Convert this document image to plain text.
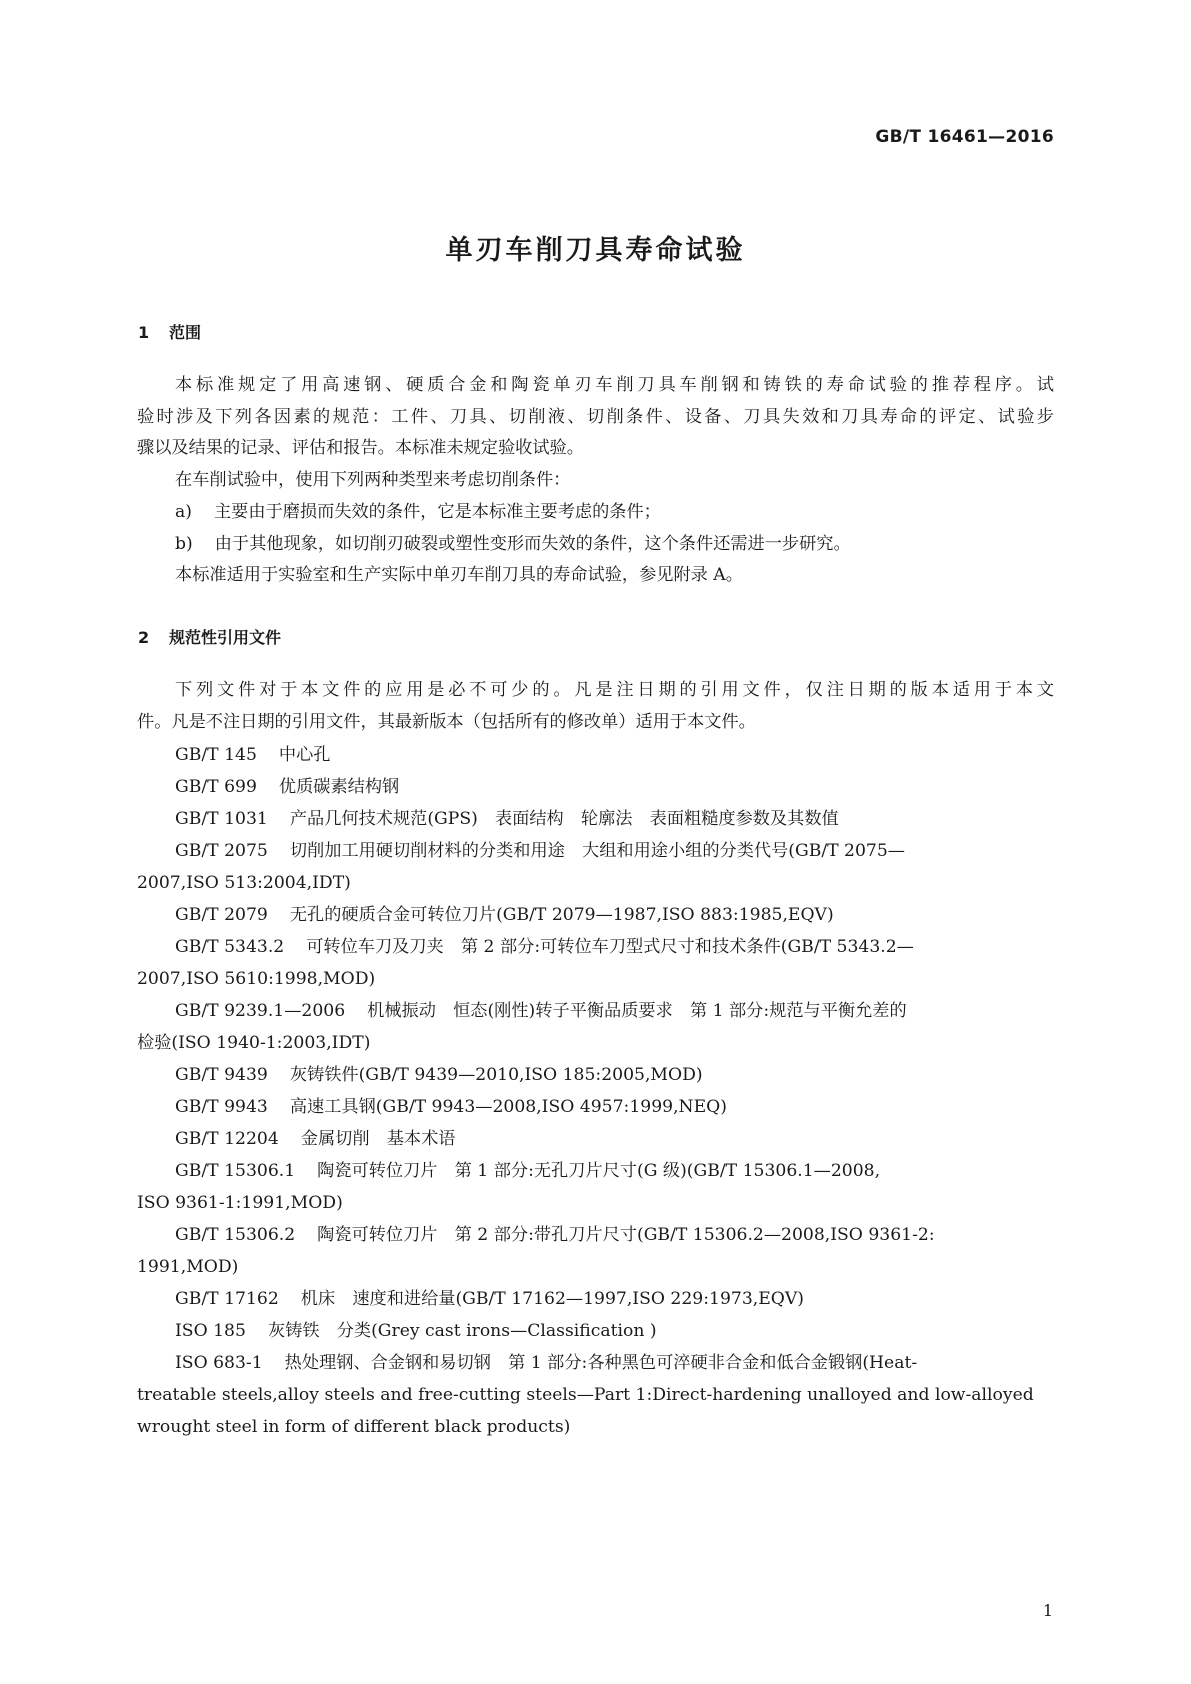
GB/T 16461—2016
单刃车削刀具寿命试验
1 范围

本标准规定了用高速钢、硬质合金和陶瓷单刃车削刀具车削钢和铸铁的寿命试验的推荐程序。试

验时涉及下列各因素的规范：工件、刀具、切削液、切削条件、设备、刀具失效和刀具寿命的评定、试验步

骤以及结果的记录、评估和报告。本标准未规定验收试验。

在车削试验中，使用下列两种类型来考虑切削条件：

a) 主要由于磨损而失效的条件，它是本标准主要考虑的条件；

b) 由于其他现象，如切削刃破裂或塑性变形而失效的条件，这个条件还需进一步研究。

本标准适用于实验室和生产实际中单刃车削刀具的寿命试验，参见附录 A。

2 规范性引用文件

下列文件对于本文件的应用是必不可少的。凡是注日期的引用文件，仅注日期的版本适用于本文

件。凡是不注日期的引用文件，其最新版本（包括所有的修改单）适用于本文件。

GB/T 145 中心孔

GB/T 699 优质碳素结构钢

GB/T 1031 产品几何技术规范(GPS)　表面结构　轮廓法　表面粗糙度参数及其数值

GB/T 2075 切削加工用硬切削材料的分类和用途　大组和用途小组的分类代号(GB/T 2075—

2007,ISO 513:2004,IDT)

GB/T 2079 无孔的硬质合金可转位刀片(GB/T 2079—1987,ISO 883:1985,EQV)

GB/T 5343.2 可转位车刀及刀夹　第 2 部分:可转位车刀型式尺寸和技术条件(GB/T 5343.2—

2007,ISO 5610:1998,MOD)

GB/T 9239.1—2006 机械振动　恒态(刚性)转子平衡品质要求　第 1 部分:规范与平衡允差的

检验(ISO 1940-1:2003,IDT)

GB/T 9439 灰铸铁件(GB/T 9439—2010,ISO 185:2005,MOD)

GB/T 9943 高速工具钢(GB/T 9943—2008,ISO 4957:1999,NEQ)

GB/T 12204 金属切削　基本术语

GB/T 15306.1 陶瓷可转位刀片　第 1 部分:无孔刀片尺寸(G 级)(GB/T 15306.1—2008,

ISO 9361-1:1991,MOD)

GB/T 15306.2 陶瓷可转位刀片　第 2 部分:带孔刀片尺寸(GB/T 15306.2—2008,ISO 9361-2:

1991,MOD)

GB/T 17162 机床　速度和进给量(GB/T 17162—1997,ISO 229:1973,EQV)

ISO 185 灰铸铁　分类(Grey cast irons—Classification )

ISO 683-1 热处理钢、合金钢和易切钢　第 1 部分:各种黑色可淬硬非合金和低合金锻钢(Heat-

treatable steels,alloy steels and free-cutting steels—Part 1:Direct-hardening unalloyed and low-alloyed

wrought steel in form of different black products)

1
